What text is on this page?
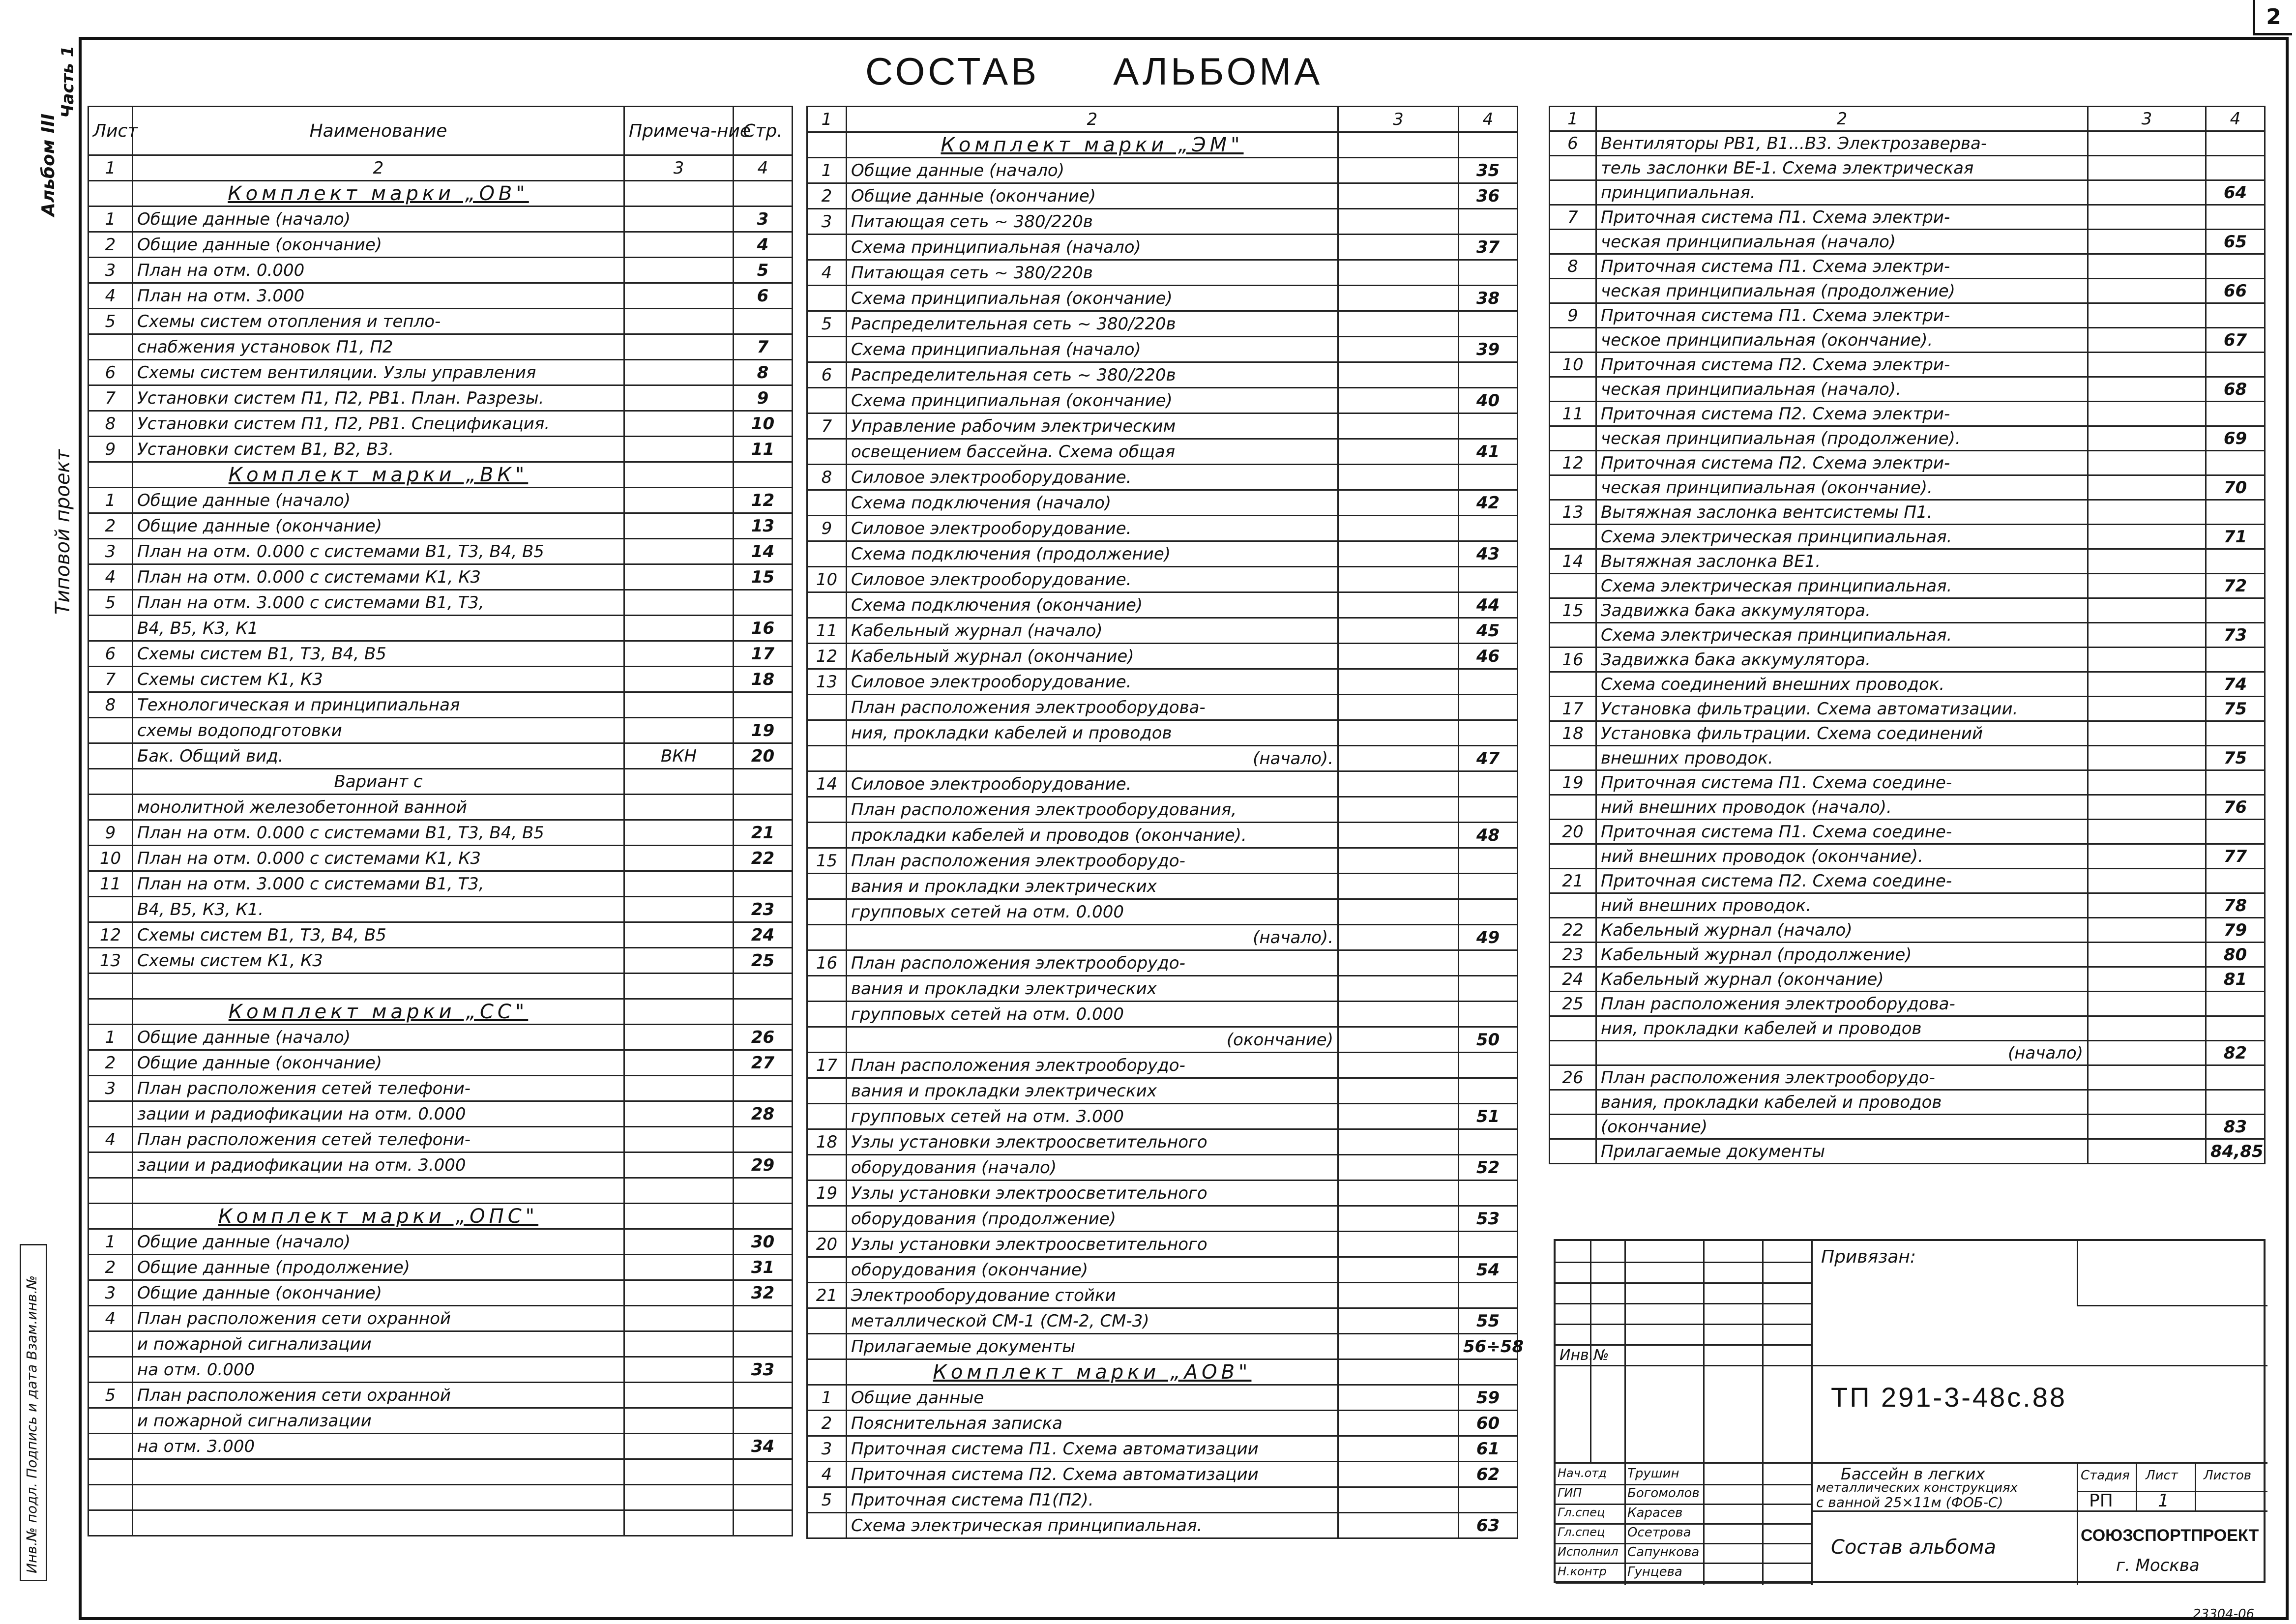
2
Альбом III
Часть 1
Типовой проект
Инв.№ подл. Подпись и дата Взам.инв.№
СОСТАВ АЛЬБОМА
Лист	Наименование	Примеча-ние	Стр.
1	2	3	4
	Комплект марки „ОВ"		
1	Общие данные (начало)		3
2	Общие данные (окончание)		4
3	План на отм. 0.000		5
4	План на отм. 3.000		6
5	Схемы систем отопления и тепло-		
	снабжения установок П1, П2		7
6	Схемы систем вентиляции. Узлы управления		8
7	Установки систем П1, П2, РВ1. План. Разрезы.		9
8	Установки систем П1, П2, РВ1. Спецификация.		10
9	Установки систем В1, В2, В3.		11
	Комплект марки „ВК"		
1	Общие данные (начало)		12
2	Общие данные (окончание)		13
3	План на отм. 0.000 с системами В1, Т3, В4, В5		14
4	План на отм. 0.000 с системами К1, К3		15
5	План на отм. 3.000 с системами В1, Т3,		
	В4, В5, К3, К1		16
6	Схемы систем В1, Т3, В4, В5		17
7	Схемы систем К1, К3		18
8	Технологическая и принципиальная		
	схемы водоподготовки		19
	Бак. Общий вид.	ВКН	20
	Вариант с		
	монолитной железобетонной ванной		
9	План на отм. 0.000 с системами В1, Т3, В4, В5		21
10	План на отм. 0.000 с системами К1, К3		22
11	План на отм. 3.000 с системами В1, Т3,		
	В4, В5, К3, К1.		23
12	Схемы систем В1, Т3, В4, В5		24
13	Схемы систем К1, К3		25

	Комплект марки „СС"		
1	Общие данные (начало)		26
2	Общие данные (окончание)		27
3	План расположения сетей телефони-		
	зации и радиофикации на отм. 0.000		28
4	План расположения сетей телефони-		
	зации и радиофикации на отм. 3.000		29

	Комплект марки „ОПС"		
1	Общие данные (начало)		30
2	Общие данные (продолжение)		31
3	Общие данные (окончание)		32
4	План расположения сети охранной		
	и пожарной сигнализации		
	на отм. 0.000		33
5	План расположения сети охранной		
	и пожарной сигнализации		
	на отм. 3.000		34

1	2	3	4
	Комплект марки „ЭМ"		
1	Общие данные (начало)		35
2	Общие данные (окончание)		36
3	Питающая сеть ~ 380/220в		
	Схема принципиальная (начало)		37
4	Питающая сеть ~ 380/220в		
	Схема принципиальная (окончание)		38
5	Распределительная сеть ~ 380/220в		
	Схема принципиальная (начало)		39
6	Распределительная сеть ~ 380/220в		
	Схема принципиальная (окончание)		40
7	Управление рабочим электрическим		
	освещением бассейна. Схема общая		41
8	Силовое электрооборудование.		
	Схема подключения (начало)		42
9	Силовое электрооборудование.		
	Схема подключения (продолжение)		43
10	Силовое электрооборудование.		
	Схема подключения (окончание)		44
11	Кабельный журнал (начало)		45
12	Кабельный журнал (окончание)		46
13	Силовое электрооборудование.		
	План расположения электрооборудова-		
	ния, прокладки кабелей и проводов		
	(начало).		47
14	Силовое электрооборудование.		
	План расположения электрооборудования,		
	прокладки кабелей и проводов (окончание).		48
15	План расположения электрооборудо-		
	вания и прокладки электрических		
	групповых сетей на отм. 0.000		
	(начало).		49
16	План расположения электрооборудо-		
	вания и прокладки электрических		
	групповых сетей на отм. 0.000		
	(окончание)		50
17	План расположения электрооборудо-		
	вания и прокладки электрических		
	групповых сетей на отм. 3.000		51
18	Узлы установки электроосветительного		
	оборудования (начало)		52
19	Узлы установки электроосветительного		
	оборудования (продолжение)		53
20	Узлы установки электроосветительного		
	оборудования (окончание)		54
21	Электрооборудование стойки		
	металлической СМ-1 (СМ-2, СМ-3)		55
	Прилагаемые документы		56÷58
	Комплект марки „АОВ"		
1	Общие данные		59
2	Пояснительная записка		60
3	Приточная система П1. Схема автоматизации		61
4	Приточная система П2. Схема автоматизации		62
5	Приточная система П1(П2).		
	Схема электрическая принципиальная.		63
1	2	3	4
6	Вентиляторы РВ1, В1...В3. Электрозаверва-		
	тель заслонки ВЕ-1. Схема электрическая		
	принципиальная.		64
7	Приточная система П1. Схема электри-		
	ческая принципиальная (начало)		65
8	Приточная система П1. Схема электри-		
	ческая принципиальная (продолжение)		66
9	Приточная система П1. Схема электри-		
	ческое принципиальная (окончание).		67
10	Приточная система П2. Схема электри-		
	ческая принципиальная (начало).		68
11	Приточная система П2. Схема электри-		
	ческая принципиальная (продолжение).		69
12	Приточная система П2. Схема электри-		
	ческая принципиальная (окончание).		70
13	Вытяжная заслонка вентсистемы П1.		
	Схема электрическая принципиальная.		71
14	Вытяжная заслонка ВЕ1.		
	Схема электрическая принципиальная.		72
15	Задвижка бака аккумулятора.		
	Схема электрическая принципиальная.		73
16	Задвижка бака аккумулятора.		
	Схема соединений внешних проводок.		74
17	Установка фильтрации. Схема автоматизации.		75
18	Установка фильтрации. Схема соединений		
	внешних проводок.		75
19	Приточная система П1. Схема соедине-		
	ний внешних проводок (начало).		76
20	Приточная система П1. Схема соедине-		
	ний внешних проводок (окончание).		77
21	Приточная система П2. Схема соедине-		
	ний внешних проводок.		78
22	Кабельный журнал (начало)		79
23	Кабельный журнал (продолжение)		80
24	Кабельный журнал (окончание)		81
25	План расположения электрооборудова-		
	ния, прокладки кабелей и проводов		
	(начало)		82
26	План расположения электрооборудо-		
	вания, прокладки кабелей и проводов		
	(окончание)		83
	Прилагаемые документы		84,85
Нач.отд Трушин
ГИП	Богомолов
Гл.спец Карасев
Гл.спец Осетрова
Исполнил Сапункова
Н.контр Гунцева
Привязан:
Инв.№
ТП 291-3-48с.88
Бассейн в легких
металлических конструкциях
с ванной 25×11м (ФОБ-С)
Стадия Лист Листов
РП	1
Состав альбома
СОЮЗСПОРТПРОЕКТ
г. Москва
23304-06
